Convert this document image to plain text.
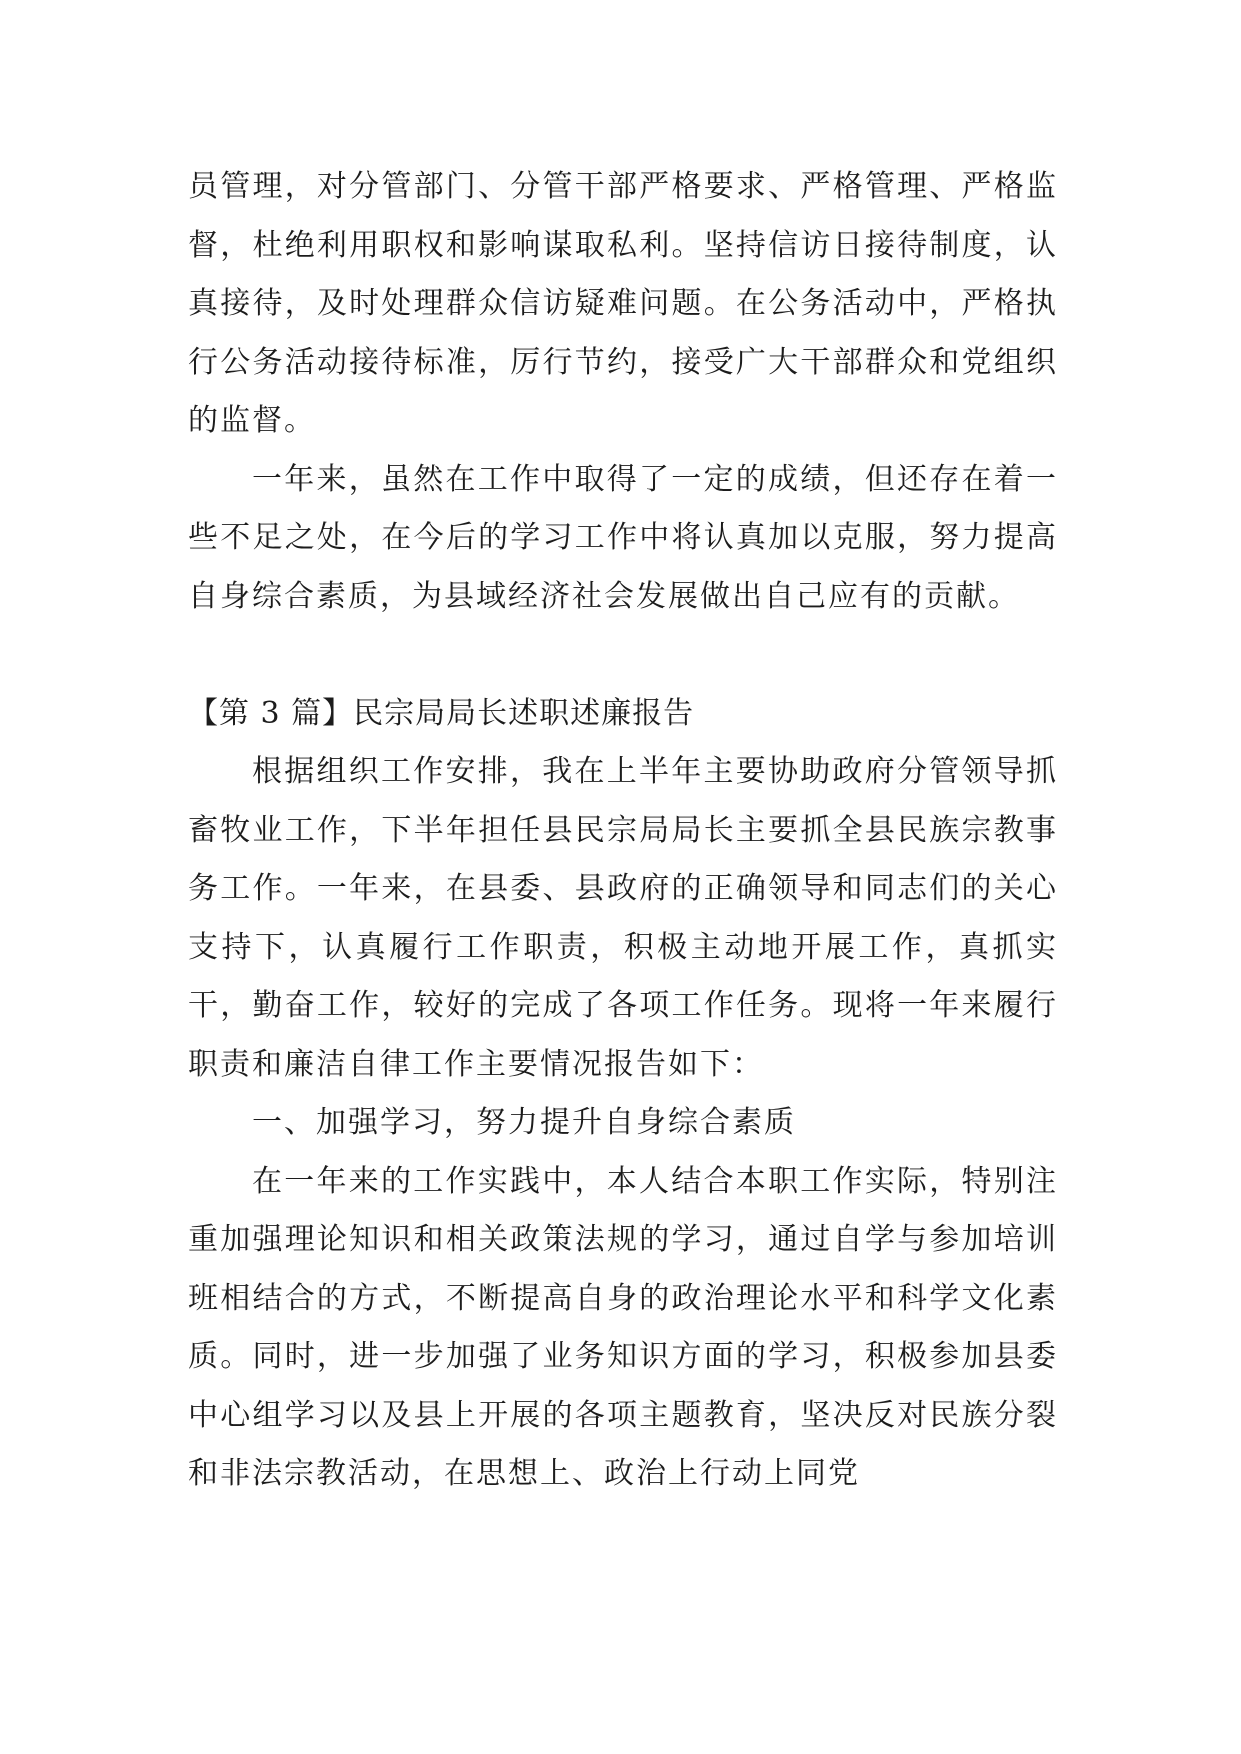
员管理，对分管部门、分管干部严格要求、严格管理、严格监督，杜绝利用职权和影响谋取私利。坚持信访日接待制度，认真接待，及时处理群众信访疑难问题。在公务活动中，严格执行公务活动接待标准，厉行节约，接受广大干部群众和党组织的监督。

一年来，虽然在工作中取得了一定的成绩，但还存在着一些不足之处，在今后的学习工作中将认真加以克服，努力提高自身综合素质，为县域经济社会发展做出自己应有的贡献。

【第 3 篇】民宗局局长述职述廉报告

根据组织工作安排，我在上半年主要协助政府分管领导抓畜牧业工作，下半年担任县民宗局局长主要抓全县民族宗教事务工作。一年来，在县委、县政府的正确领导和同志们的关心支持下，认真履行工作职责，积极主动地开展工作，真抓实干，勤奋工作，较好的完成了各项工作任务。现将一年来履行职责和廉洁自律工作主要情况报告如下：

一、加强学习，努力提升自身综合素质

在一年来的工作实践中，本人结合本职工作实际，特别注重加强理论知识和相关政策法规的学习，通过自学与参加培训班相结合的方式，不断提高自身的政治理论水平和科学文化素质。同时，进一步加强了业务知识方面的学习，积极参加县委中心组学习以及县上开展的各项主题教育，坚决反对民族分裂和非法宗教活动，在思想上、政治上行动上同党
